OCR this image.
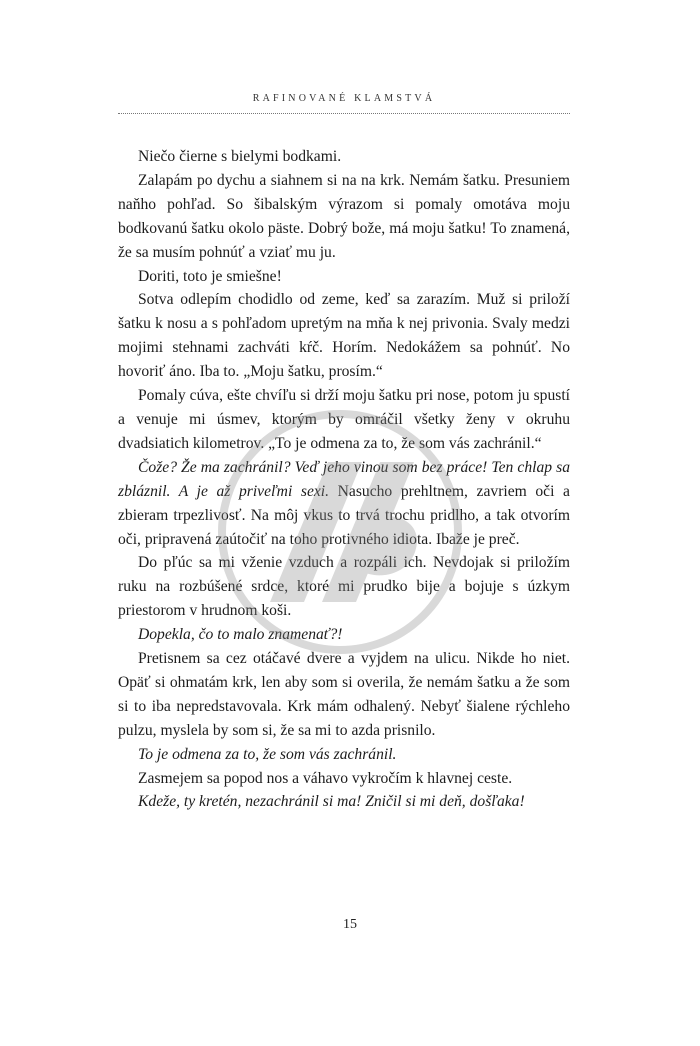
RAFINOVANÉ KLAMSTVÁ

Niečo čierne s bielymi bodkami.

Zalapám po dychu a siahnem si na na krk. Nemám šatku. Presuniem naňho pohľad. So šibalským výrazom si pomaly omotáva moju bodkovanú šatku okolo päste. Dobrý bože, má moju šatku! To znamená, že sa musím pohnúť a vziať mu ju.

Doriti, toto je smiešne!

Sotva odlepím chodidlo od zeme, keď sa zarazím. Muž si priloží šatku k nosu a s pohľadom upretým na mňa k nej privonia. Svaly medzi mojimi stehnami zachváti kŕč. Horím. Nedokážem sa pohnúť. No hovoriť áno. Iba to. „Moju šatku, prosím.“

Pomaly cúva, ešte chvíľu si drží moju šatku pri nose, potom ju spustí a venuje mi úsmev, ktorým by omráčil všetky ženy v okruhu dvadsiatich kilometrov. „To je odmena za to, že som vás zachránil.“

Čože? Že ma zachránil? Veď jeho vinou som bez práce! Ten chlap sa zbláznil. A je až priveľmi sexi. Nasucho prehltnem, zavriem oči a zbieram trpezlivosť. Na môj vkus to trvá trochu pridlho, a tak otvorím oči, pripravená zaútočiť na toho protivného idiota. Ibaže je preč.

Do pľúc sa mi vženie vzduch a rozpáli ich. Nevdojak si priložím ruku na rozbúšené srdce, ktoré mi prudko bije a bojuje s úzkym priestorom v hrudnom koši.

Dopekla, čo to malo znamenať?!

Pretisnem sa cez otáčavé dvere a vyjdem na ulicu. Nikde ho niet. Opäť si ohmatám krk, len aby som si overila, že nemám šatku a že som si to iba nepredstavovala. Krk mám odhalený. Nebyť šialene rýchleho pulzu, myslela by som si, že sa mi to azda prisnilo.

To je odmena za to, že som vás zachránil.

Zasmejem sa popod nos a váhavo vykročím k hlavnej ceste.

Kdeže, ty kretén, nezachránil si ma! Zničil si mi deň, došľaka!

15
